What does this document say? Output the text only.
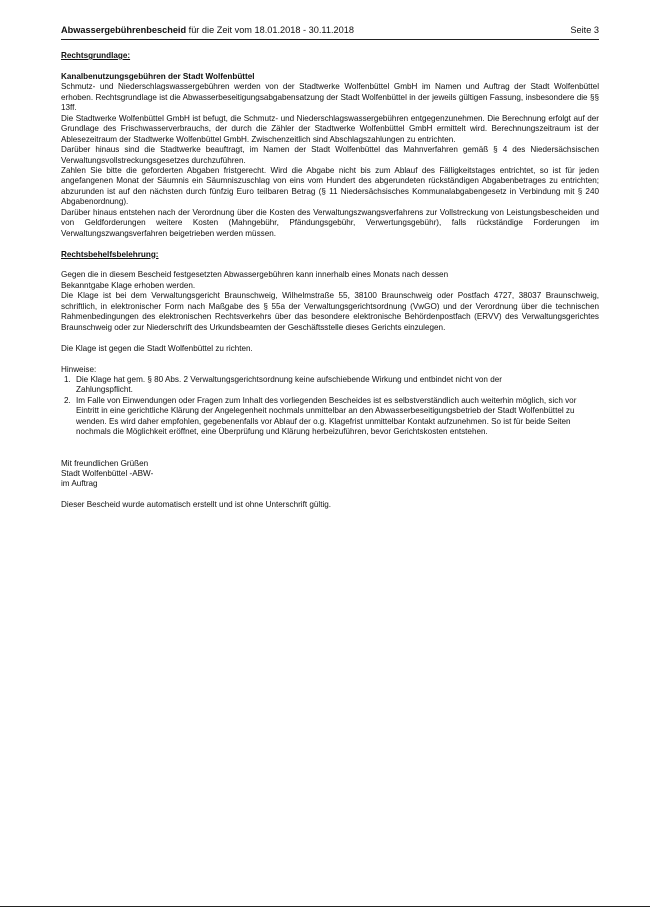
Abwassergebührenbescheid für die Zeit vom 18.01.2018 - 30.11.2018	Seite 3

Rechtsgrundlage:

Kanalbenutzungsgebühren der Stadt Wolfenbüttel

Schmutz- und Niederschlagswassergebühren werden von der Stadtwerke Wolfenbüttel GmbH im Namen und Auftrag der Stadt Wolfenbüttel erhoben. Rechtsgrundlage ist die Abwasserbeseitigungsabgabensatzung der Stadt Wolfenbüttel in der jeweils gültigen Fassung, insbesondere die §§ 13ff.

Die Stadtwerke Wolfenbüttel GmbH ist befugt, die Schmutz- und Niederschlagswassergebühren entgegenzunehmen. Die Berechnung erfolgt auf der Grundlage des Frischwasserverbrauchs, der durch die Zähler der Stadtwerke Wolfenbüttel GmbH ermittelt wird. Berechnungszeitraum ist der Ablesezeitraum der Stadtwerke Wolfenbüttel GmbH. Zwischenzeitlich sind Abschlagszahlungen zu entrichten.

Darüber hinaus sind die Stadtwerke beauftragt, im Namen der Stadt Wolfenbüttel das Mahnverfahren gemäß § 4 des Niedersächsischen Verwaltungsvollstreckungsgesetzes durchzuführen.

Zahlen Sie bitte die geforderten Abgaben fristgerecht. Wird die Abgabe nicht bis zum Ablauf des Fälligkeitstages entrichtet, so ist für jeden angefangenen Monat der Säumnis ein Säumniszuschlag von eins vom Hundert des abgerundeten rückständigen Abgabenbetrages zu entrichten; abzurunden ist auf den nächsten durch fünfzig Euro teilbaren Betrag (§ 11 Niedersächsisches Kommunalabgabengesetz in Verbindung mit § 240 Abgabenordnung).

Darüber hinaus entstehen nach der Verordnung über die Kosten des Verwaltungszwangsverfahrens zur Vollstreckung von Leistungsbescheiden und von Geldforderungen weitere Kosten (Mahngebühr, Pfändungsgebühr, Verwertungsgebühr), falls rückständige Forderungen im Verwaltungszwangsverfahren beigetrieben werden müssen.

Rechtsbehelfsbelehrung:

Gegen die in diesem Bescheid festgesetzten Abwassergebühren kann innerhalb eines Monats nach dessen

Bekanntgabe Klage erhoben werden.

Die Klage ist bei dem Verwaltungsgericht Braunschweig, Wilhelmstraße 55, 38100 Braunschweig oder Postfach 4727, 38037 Braunschweig, schriftlich, in elektronischer Form nach Maßgabe des § 55a der Verwaltungsgerichtsordnung (VwGO) und der Verordnung über die technischen Rahmenbedingungen des elektronischen Rechtsverkehrs über das besondere elektronische Behördenpostfach (ERVV) des Verwaltungsgerichtes Braunschweig oder zur Niederschrift des Urkundsbeamten der Geschäftsstelle dieses Gerichts einzulegen.

Die Klage ist gegen die Stadt Wolfenbüttel zu richten.

Hinweise:

1. Die Klage hat gem. § 80 Abs. 2 Verwaltungsgerichtsordnung keine aufschiebende Wirkung und entbindet nicht von der
Zahlungspflicht.
2. Im Falle von Einwendungen oder Fragen zum Inhalt des vorliegenden Bescheides ist es selbstverständlich auch weiterhin möglich, sich vor Eintritt in eine gerichtliche Klärung der Angelegenheit nochmals unmittelbar an den Abwasserbeseitigungsbetrieb der Stadt Wolfenbüttel zu wenden. Es wird daher empfohlen, gegebenenfalls vor Ablauf der o.g. Klagefrist unmittelbar Kontakt aufzunehmen. So ist für beide Seiten nochmals die Möglichkeit eröffnet, eine Überprüfung und Klärung herbeizuführen, bevor Gerichtskosten entstehen.

Mit freundlichen Grüßen

Stadt Wolfenbüttel -ABW-

im Auftrag

Dieser Bescheid wurde automatisch erstellt und ist ohne Unterschrift gültig.
